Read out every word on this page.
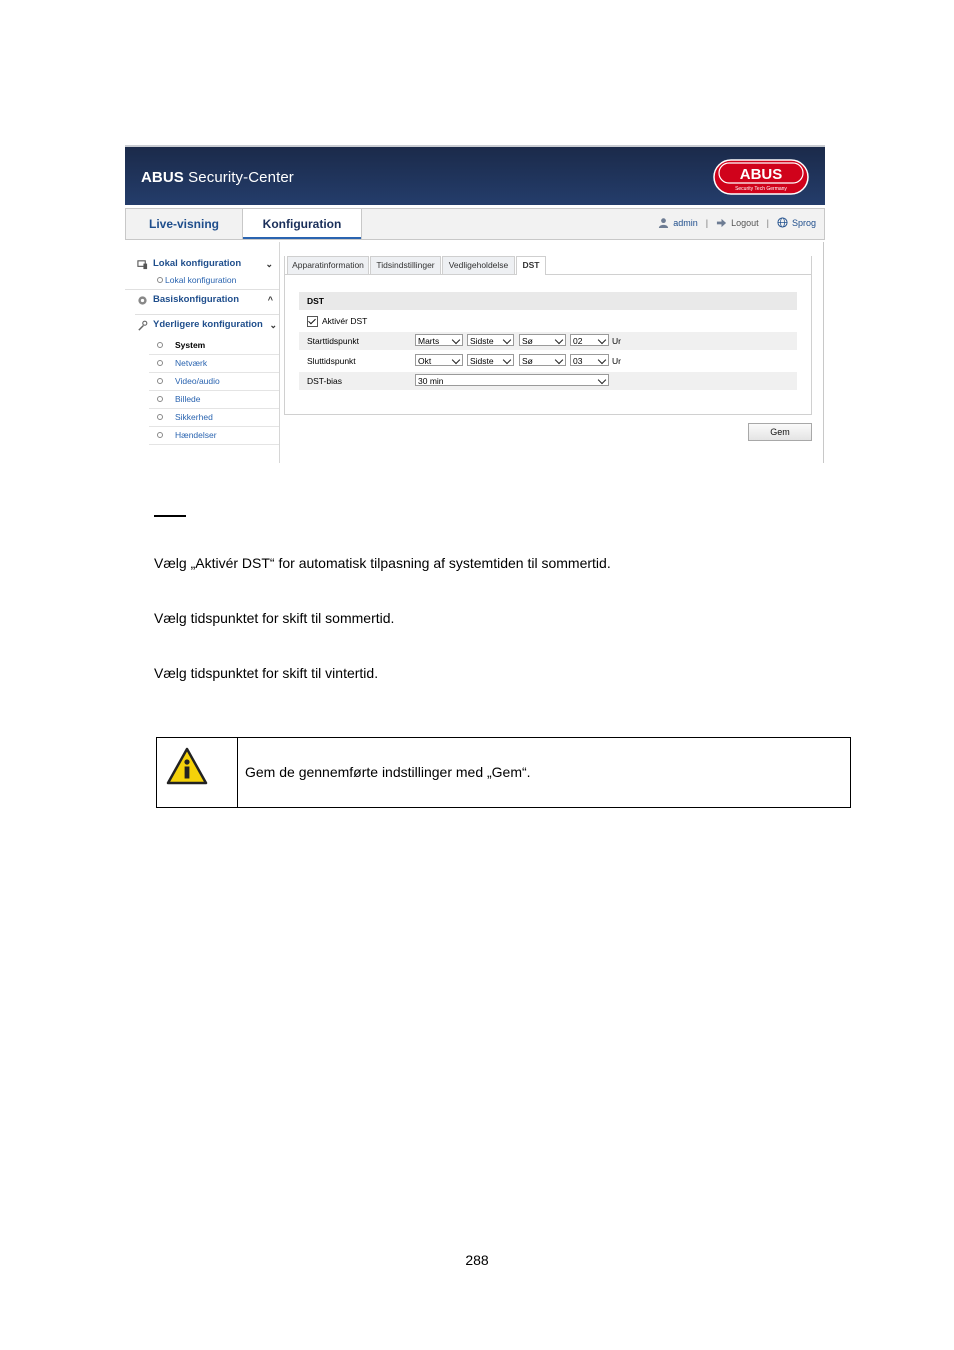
ABUS Security-Center	ABUS
Security Tech Germany
Live-visning	Konfiguration	admin |	Logout |	Sprog
Lokal konfiguration	⌄
Lokal konfiguration
Basiskonfiguration	^
Yderligere konfiguration ⌄
System
Netværk
Video/audio
Billede
Sikkerhed
Hændelser
Apparatinformation	Tidsindstillinger	Vedligeholdelse	DST
DST
Aktivér DST
Starttidspunkt	Marts	Sidste	Sø	02	Ur
Sluttidspunkt	Okt	Sidste	Sø	03	Ur
DST-bias	30 min
Gem
Vælg „Aktivér DST“ for automatisk tilpasning af systemtiden til sommertid.
Vælg tidspunktet for skift til sommertid.
Vælg tidspunktet for skift til vintertid.
Gem de gennemførte indstillinger med „Gem“.
288
